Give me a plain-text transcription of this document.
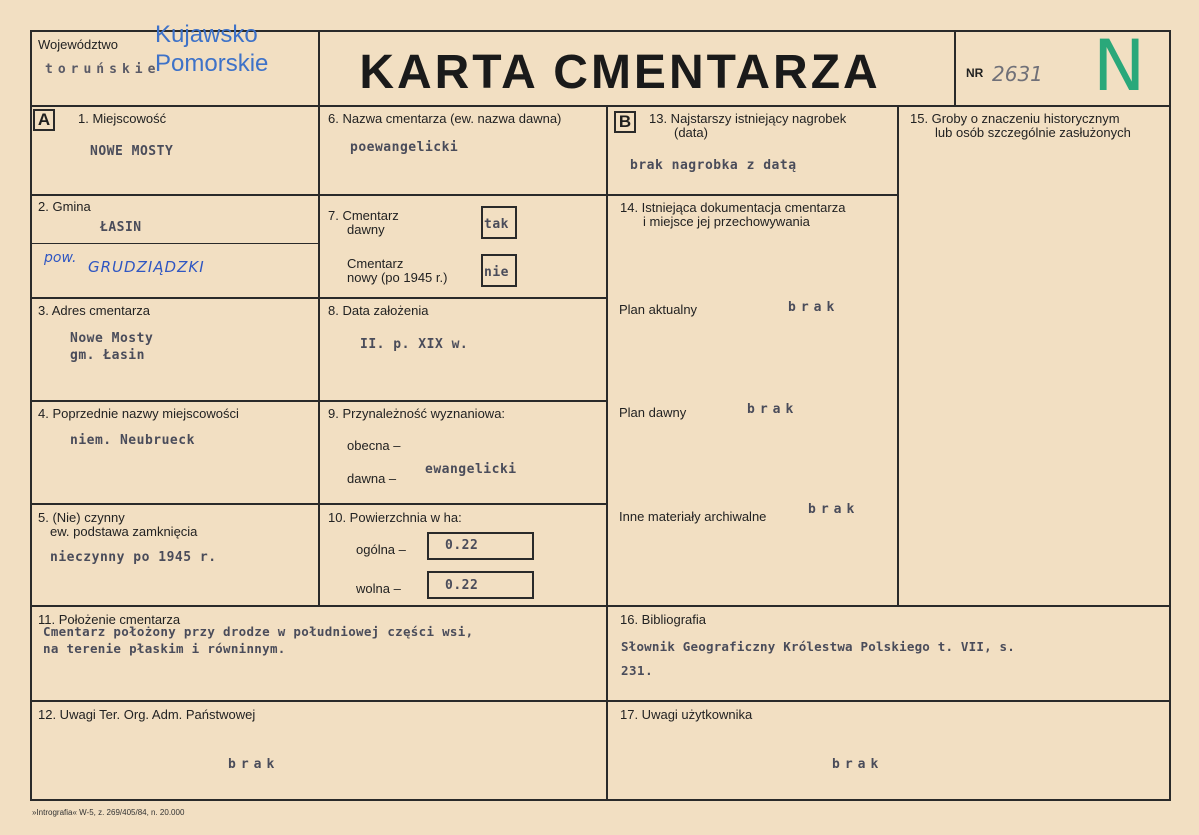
Województwo
toruńskie
Kujawsko
Pomorskie	KARTA CMENTARZA	NR 2631 N
A	B
1. Miejscowość
NOWE MOSTY
2. Gmina
ŁASIN
pow. GRUDZIĄDZKI
3. Adres cmentarza
Nowe Mosty
gm. Łasin
4. Poprzednie nazwy miejscowości
niem. Neubrueck
5. (Nie) czynny
ew. podstawa zamknięcia
nieczynny po 1945 r.
6. Nazwa cmentarza (ew. nazwa dawna)
poewangelicki
7. Cmentarz
dawny	tak
Cmentarz
nowy (po 1945 r.)	nie
8. Data założenia
II. p. XIX w.
9. Przynależność wyznaniowa:
obecna –
dawna –
ewangelicki
10. Powierzchnia w ha:
ogólna –	0.22
wolna –	0.22
11. Położenie cmentarza
Cmentarz położony przy drodze w południowej części wsi,
na terenie płaskim i równinnym.
12. Uwagi Ter. Org. Adm. Państwowej
brak
13. Najstarszy istniejący nagrobek
(data)
brak nagrobka z datą
14. Istniejąca dokumentacja cmentarza
i miejsce jej przechowywania
Plan aktualny	brak
Plan dawny	brak
Inne materiały archiwalne	brak
15. Groby o znaczeniu historycznym
lub osób szczególnie zasłużonych
16. Bibliografia
Słownik Geograficzny Królestwa Polskiego t. VII, s.
231.
17. Uwagi użytkownika
brak
»Intrografia« W-5, z. 269/405/84, n. 20.000
